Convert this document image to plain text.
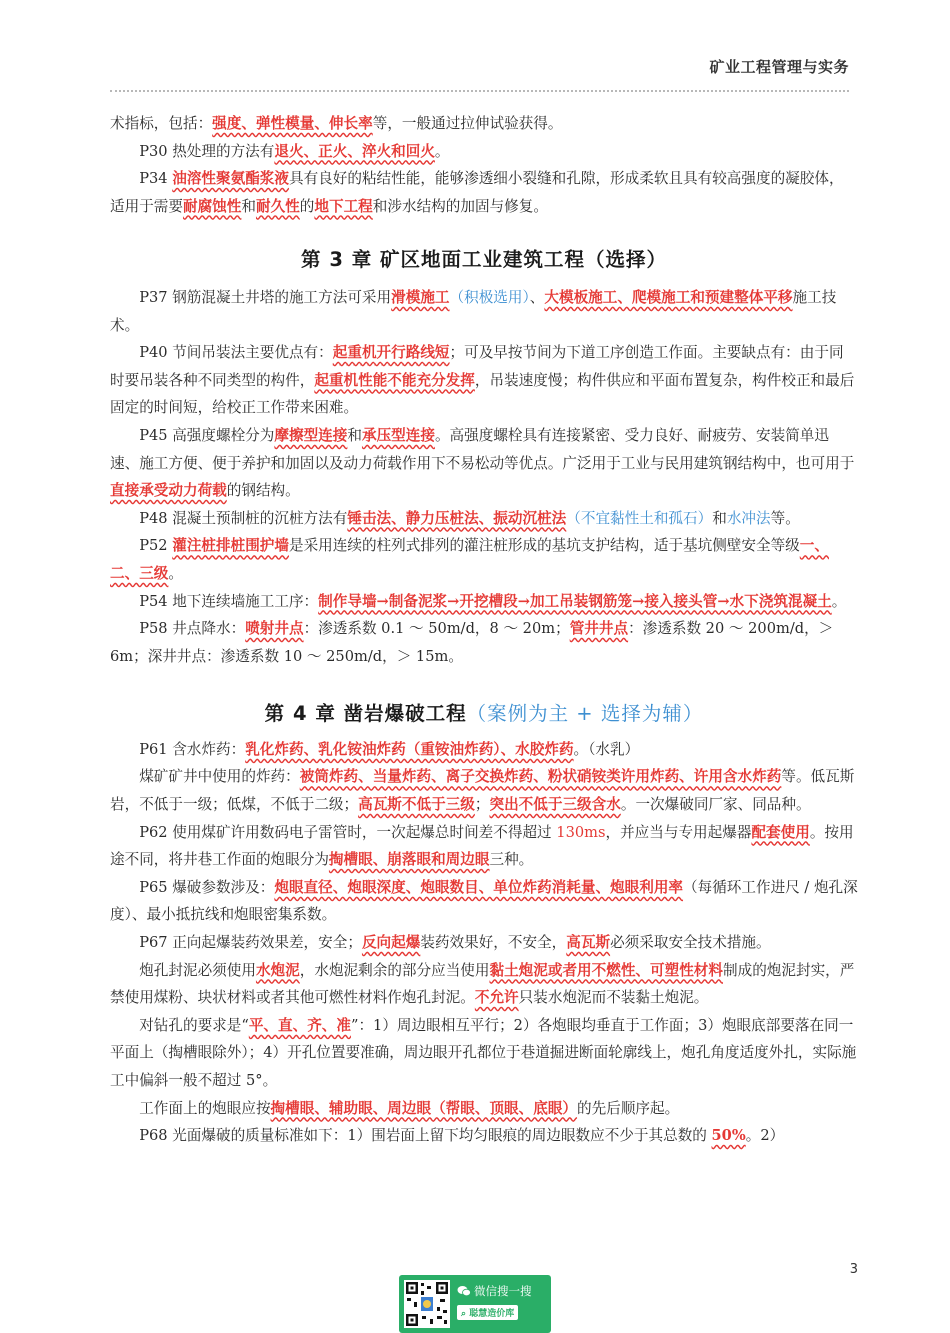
矿业工程管理与实务

术指标，包括：强度、弹性模量、伸长率等，一般通过拉伸试验获得。

P30 热处理的方法有退火、正火、淬火和回火。

P34 油溶性聚氨酯浆液具有良好的粘结性能，能够渗透细小裂缝和孔隙，形成柔软且具有较高强度的凝胶体，适用于需要耐腐蚀性和耐久性的地下工程和涉水结构的加固与修复。

第 3 章 矿区地面工业建筑工程（选择）

P37 钢筋混凝土井塔的施工方法可采用滑模施工（积极选用）、大模板施工、爬模施工和预建整体平移施工技术。

P40 节间吊装法主要优点有：起重机开行路线短；可及早按节间为下道工序创造工作面。主要缺点有：由于同时要吊装各种不同类型的构件，起重机性能不能充分发挥，吊装速度慢；构件供应和平面布置复杂，构件校正和最后固定的时间短，给校正工作带来困难。

P45 高强度螺栓分为摩擦型连接和承压型连接。高强度螺栓具有连接紧密、受力良好、耐疲劳、安装简单迅速、施工方便、便于养护和加固以及动力荷载作用下不易松动等优点。广泛用于工业与民用建筑钢结构中，也可用于直接承受动力荷载的钢结构。

P48 混凝土预制桩的沉桩方法有锤击法、静力压桩法、振动沉桩法（不宜黏性土和孤石）和水冲法等。

P52 灌注桩排桩围护墙是采用连续的柱列式排列的灌注桩形成的基坑支护结构，适于基坑侧壁安全等级一、二、三级。

P54 地下连续墙施工工序：制作导墙→制备泥浆→开挖槽段→加工吊装钢筋笼→接入接头管→水下浇筑混凝土。

P58 井点降水：喷射井点：渗透系数 0.1 ～ 50m/d，8 ～ 20m；管井井点：渗透系数 20 ～ 200m/d，＞ 6m；深井井点：渗透系数 10 ～ 250m/d，＞ 15m。

第 4 章 凿岩爆破工程（案例为主 + 选择为辅）

P61 含水炸药：乳化炸药、乳化铵油炸药（重铵油炸药）、水胶炸药。（水乳）

煤矿矿井中使用的炸药：被筒炸药、当量炸药、离子交换炸药、粉状硝铵类许用炸药、许用含水炸药等。低瓦斯岩，不低于一级；低煤，不低于二级；高瓦斯不低于三级；突出不低于三级含水。一次爆破同厂家、同品种。

P62 使用煤矿许用数码电子雷管时，一次起爆总时间差不得超过 130ms，并应当与专用起爆器配套使用。按用途不同，将井巷工作面的炮眼分为掏槽眼、崩落眼和周边眼三种。

P65 爆破参数涉及：炮眼直径、炮眼深度、炮眼数目、单位炸药消耗量、炮眼利用率（每循环工作进尺 / 炮孔深度）、最小抵抗线和炮眼密集系数。

P67 正向起爆装药效果差，安全；反向起爆装药效果好，不安全，高瓦斯必须采取安全技术措施。

炮孔封泥必须使用水炮泥，水炮泥剩余的部分应当使用黏土炮泥或者用不燃性、可塑性材料制成的炮泥封实，严禁使用煤粉、块状材料或者其他可燃性材料作炮孔封泥。不允许只装水炮泥而不装黏土炮泥。

对钻孔的要求是“平、直、齐、准”：1）周边眼相互平行；2）各炮眼均垂直于工作面；3）炮眼底部要落在同一平面上（掏槽眼除外）；4）开孔位置要准确，周边眼开孔都位于巷道掘进断面轮廓线上，炮孔角度适度外扎，实际施工中偏斜一般不超过 5°。

工作面上的炮眼应按掏槽眼、辅助眼、周边眼（帮眼、顶眼、底眼）的先后顺序起。

P68 光面爆破的质量标准如下：1）围岩面上留下均匀眼痕的周边眼数应不少于其总数的 50%。2）

3
微信搜一搜
⌕ 聪慧造价库
